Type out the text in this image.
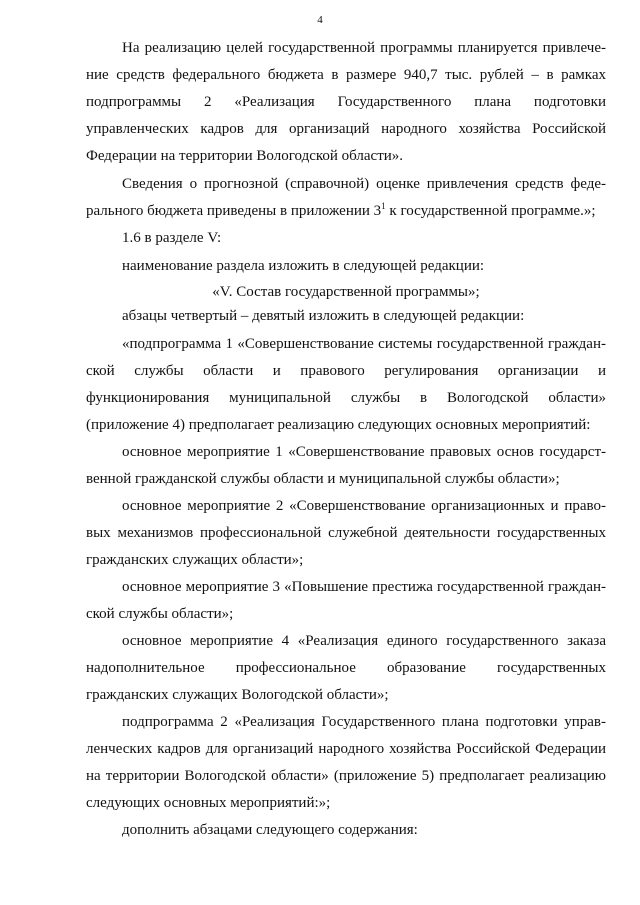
4
На реализацию целей государственной программы планируется привлече-ние средств федерального бюджета в размере 940,7 тыс. рублей – в рамках подпрограммы 2 «Реализация Государственного плана подготовки управленческих кадров для организаций народного хозяйства Российской Федерации на территории Вологодской области».
Сведения о прогнозной (справочной) оценке привлечения средств феде-рального бюджета приведены в приложении $3^1$ к государственной программе.»;
1.6 в разделе V:
наименование раздела изложить в следующей редакции:
«V. Состав государственной программы»;
абзацы четвертый – девятый изложить в следующей редакции:
«подпрограмма 1 «Совершенствование системы государственной граждан-ской службы области и правового регулирования организации и функционирования муниципальной службы в Вологодской области» (приложение 4) предполагает реализацию следующих основных мероприятий:
основное мероприятие 1 «Совершенствование правовых основ государст-венной гражданской службы области и муниципальной службы области»;
основное мероприятие 2 «Совершенствование организационных и право-вых механизмов профессиональной служебной деятельности государственных гражданских служащих области»;
основное мероприятие 3 «Повышение престижа государственной граждан-ской службы области»;
основное мероприятие 4 «Реализация единого государственного заказа надополнительное профессиональное образование государственных гражданских служащих Вологодской области»;
подпрограмма 2 «Реализация Государственного плана подготовки управ-ленческих кадров для организаций народного хозяйства Российской Федерации на территории Вологодской области» (приложение 5) предполагает реализацию следующих основных мероприятий:»;
дополнить абзацами следующего содержания:
